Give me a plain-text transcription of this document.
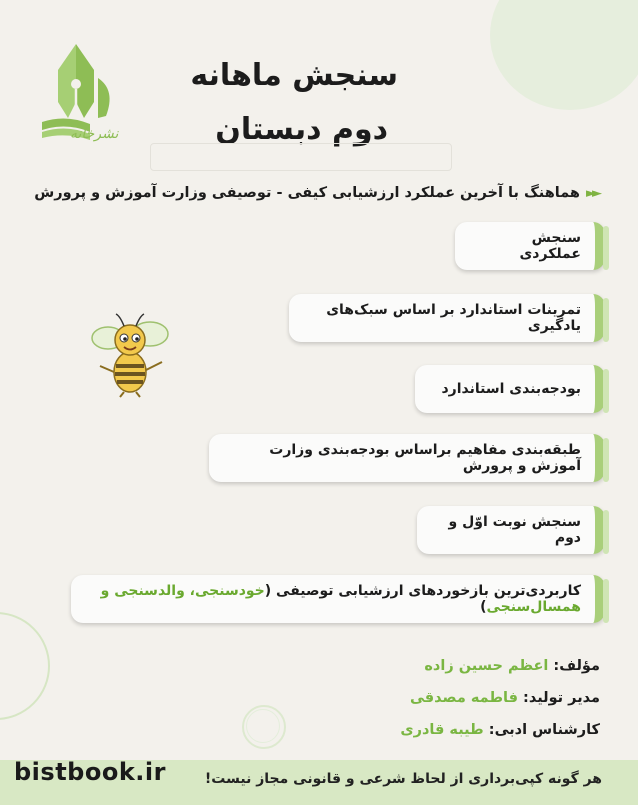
نشرخانه
سنجش ماهانه
دوم دبستان
►►
هماهنگ با آخرین عملکرد ارزشیابی کیفی - توصیفی وزارت آموزش و پرورش
سنجش عملکردی
تمرینات استاندارد بر اساس سبک‌های یادگیری
بودجه‌بندی استاندارد
طبقه‌بندی مفاهیم براساس بودجه‌بندی وزارت آموزش و پرورش
سنجش نوبت اوّل و دوم
کاربردی‌ترین بازخوردهای ارزشیابی توصیفی (خودسنجی، والدسنجی و همسال‌سنجی)
مؤلف: اعظم حسین زاده
مدیر تولید: فاطمه مصدقی
کارشناس ادبی: طیبه قادری
هر گونه کپی‌برداری از لحاظ شرعی و قانونی مجاز نیست!
bistbook.ir
